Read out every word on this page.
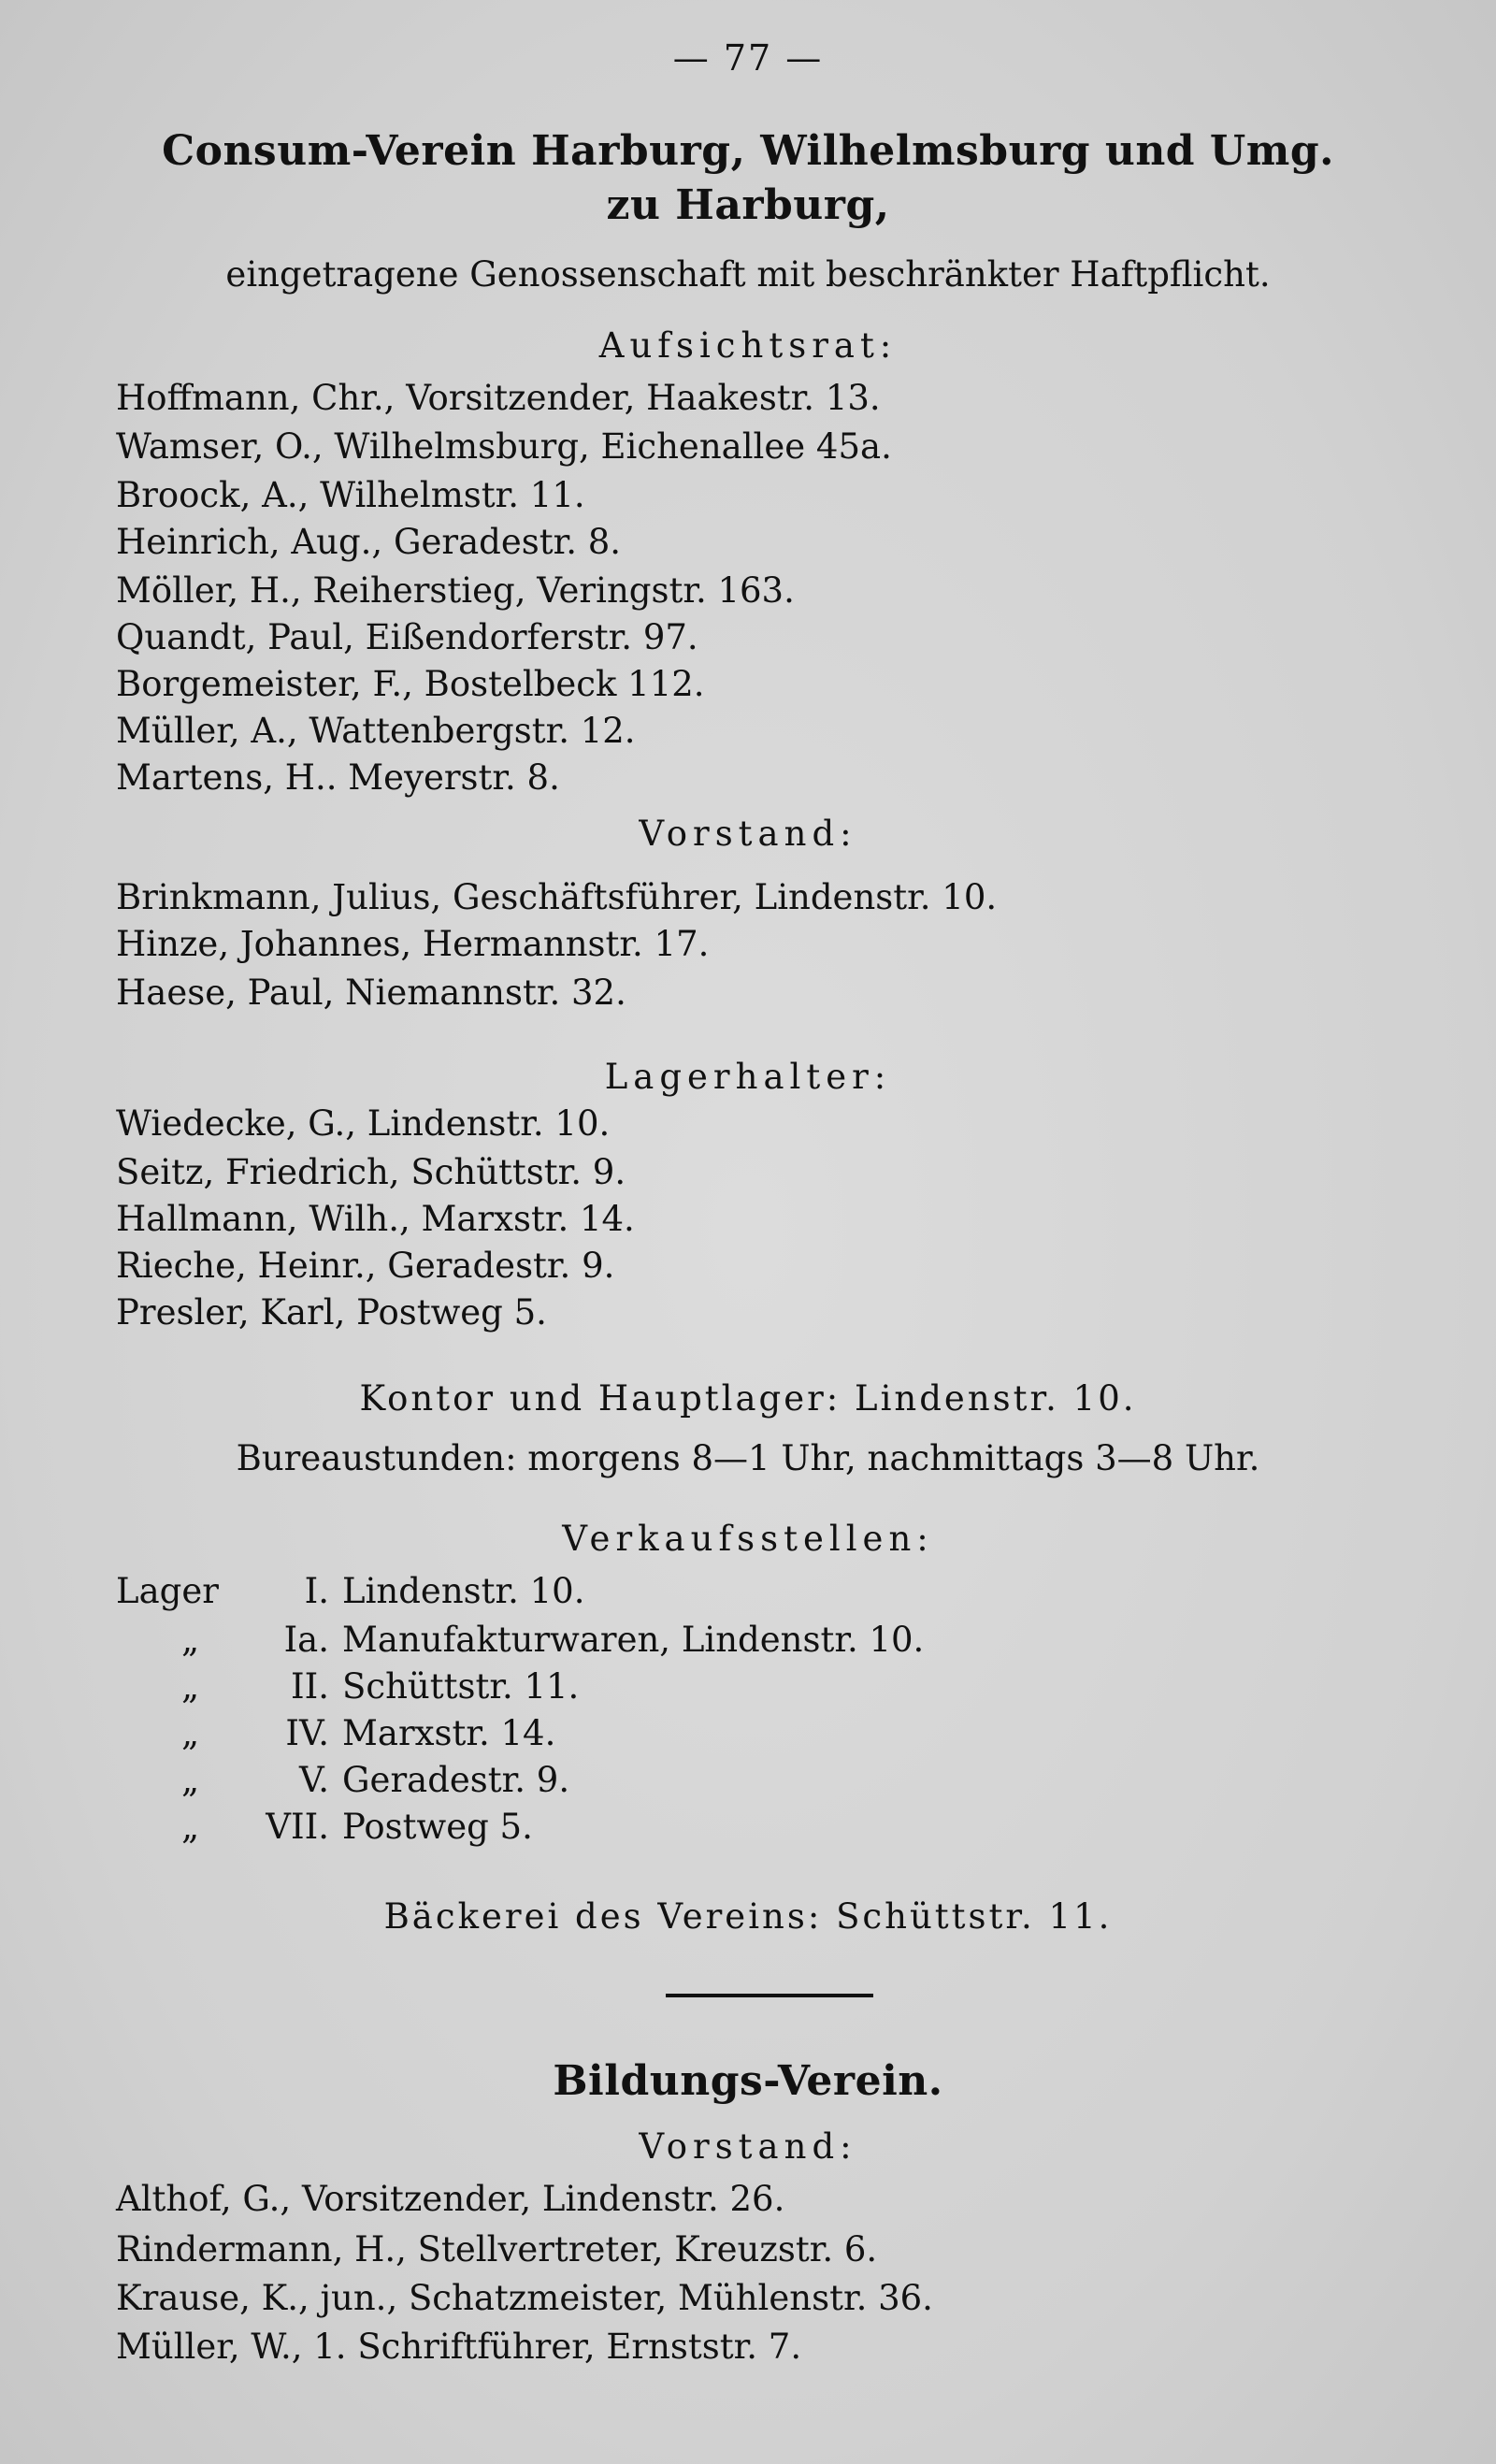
— 77 —
Consum-Verein Harburg, Wilhelmsburg und Umg.
zu Harburg,
eingetragene Genossenschaft mit beschränkter Haftpflicht.
Aufsichtsrat:
Hoffmann, Chr., Vorsitzender, Haakestr. 13.
Wamser, O., Wilhelmsburg, Eichenallee 45a.
Broock, A., Wilhelmstr. 11.
Heinrich, Aug., Geradestr. 8.
Möller, H., Reiherstieg, Veringstr. 163.
Quandt, Paul, Eißendorferstr. 97.
Borgemeister, F., Bostelbeck 112.
Müller, A., Wattenbergstr. 12.
Martens, H.. Meyerstr. 8.
Vorstand:
Brinkmann, Julius, Geschäftsführer, Lindenstr. 10.
Hinze, Johannes, Hermannstr. 17.
Haese, Paul, Niemannstr. 32.
Lagerhalter:
Wiedecke, G., Lindenstr. 10.
Seitz, Friedrich, Schüttstr. 9.
Hallmann, Wilh., Marxstr. 14.
Rieche, Heinr., Geradestr. 9.
Presler, Karl, Postweg 5.
Kontor und Hauptlager: Lindenstr. 10.
Bureaustunden: morgens 8—1 Uhr, nachmittags 3—8 Uhr.
Verkaufsstellen:
Lager	I. Lindenstr. 10.
„	Ia. Manufakturwaren, Lindenstr. 10.
„	II. Schüttstr. 11.
„	IV. Marxstr. 14.
„	V. Geradestr. 9.
„	VII. Postweg 5.
Bäckerei des Vereins: Schüttstr. 11.
Bildungs-Verein.
Vorstand:
Althof, G., Vorsitzender, Lindenstr. 26.
Rindermann, H., Stellvertreter, Kreuzstr. 6.
Krause, K., jun., Schatzmeister, Mühlenstr. 36.
Müller, W., 1. Schriftführer, Ernststr. 7.
